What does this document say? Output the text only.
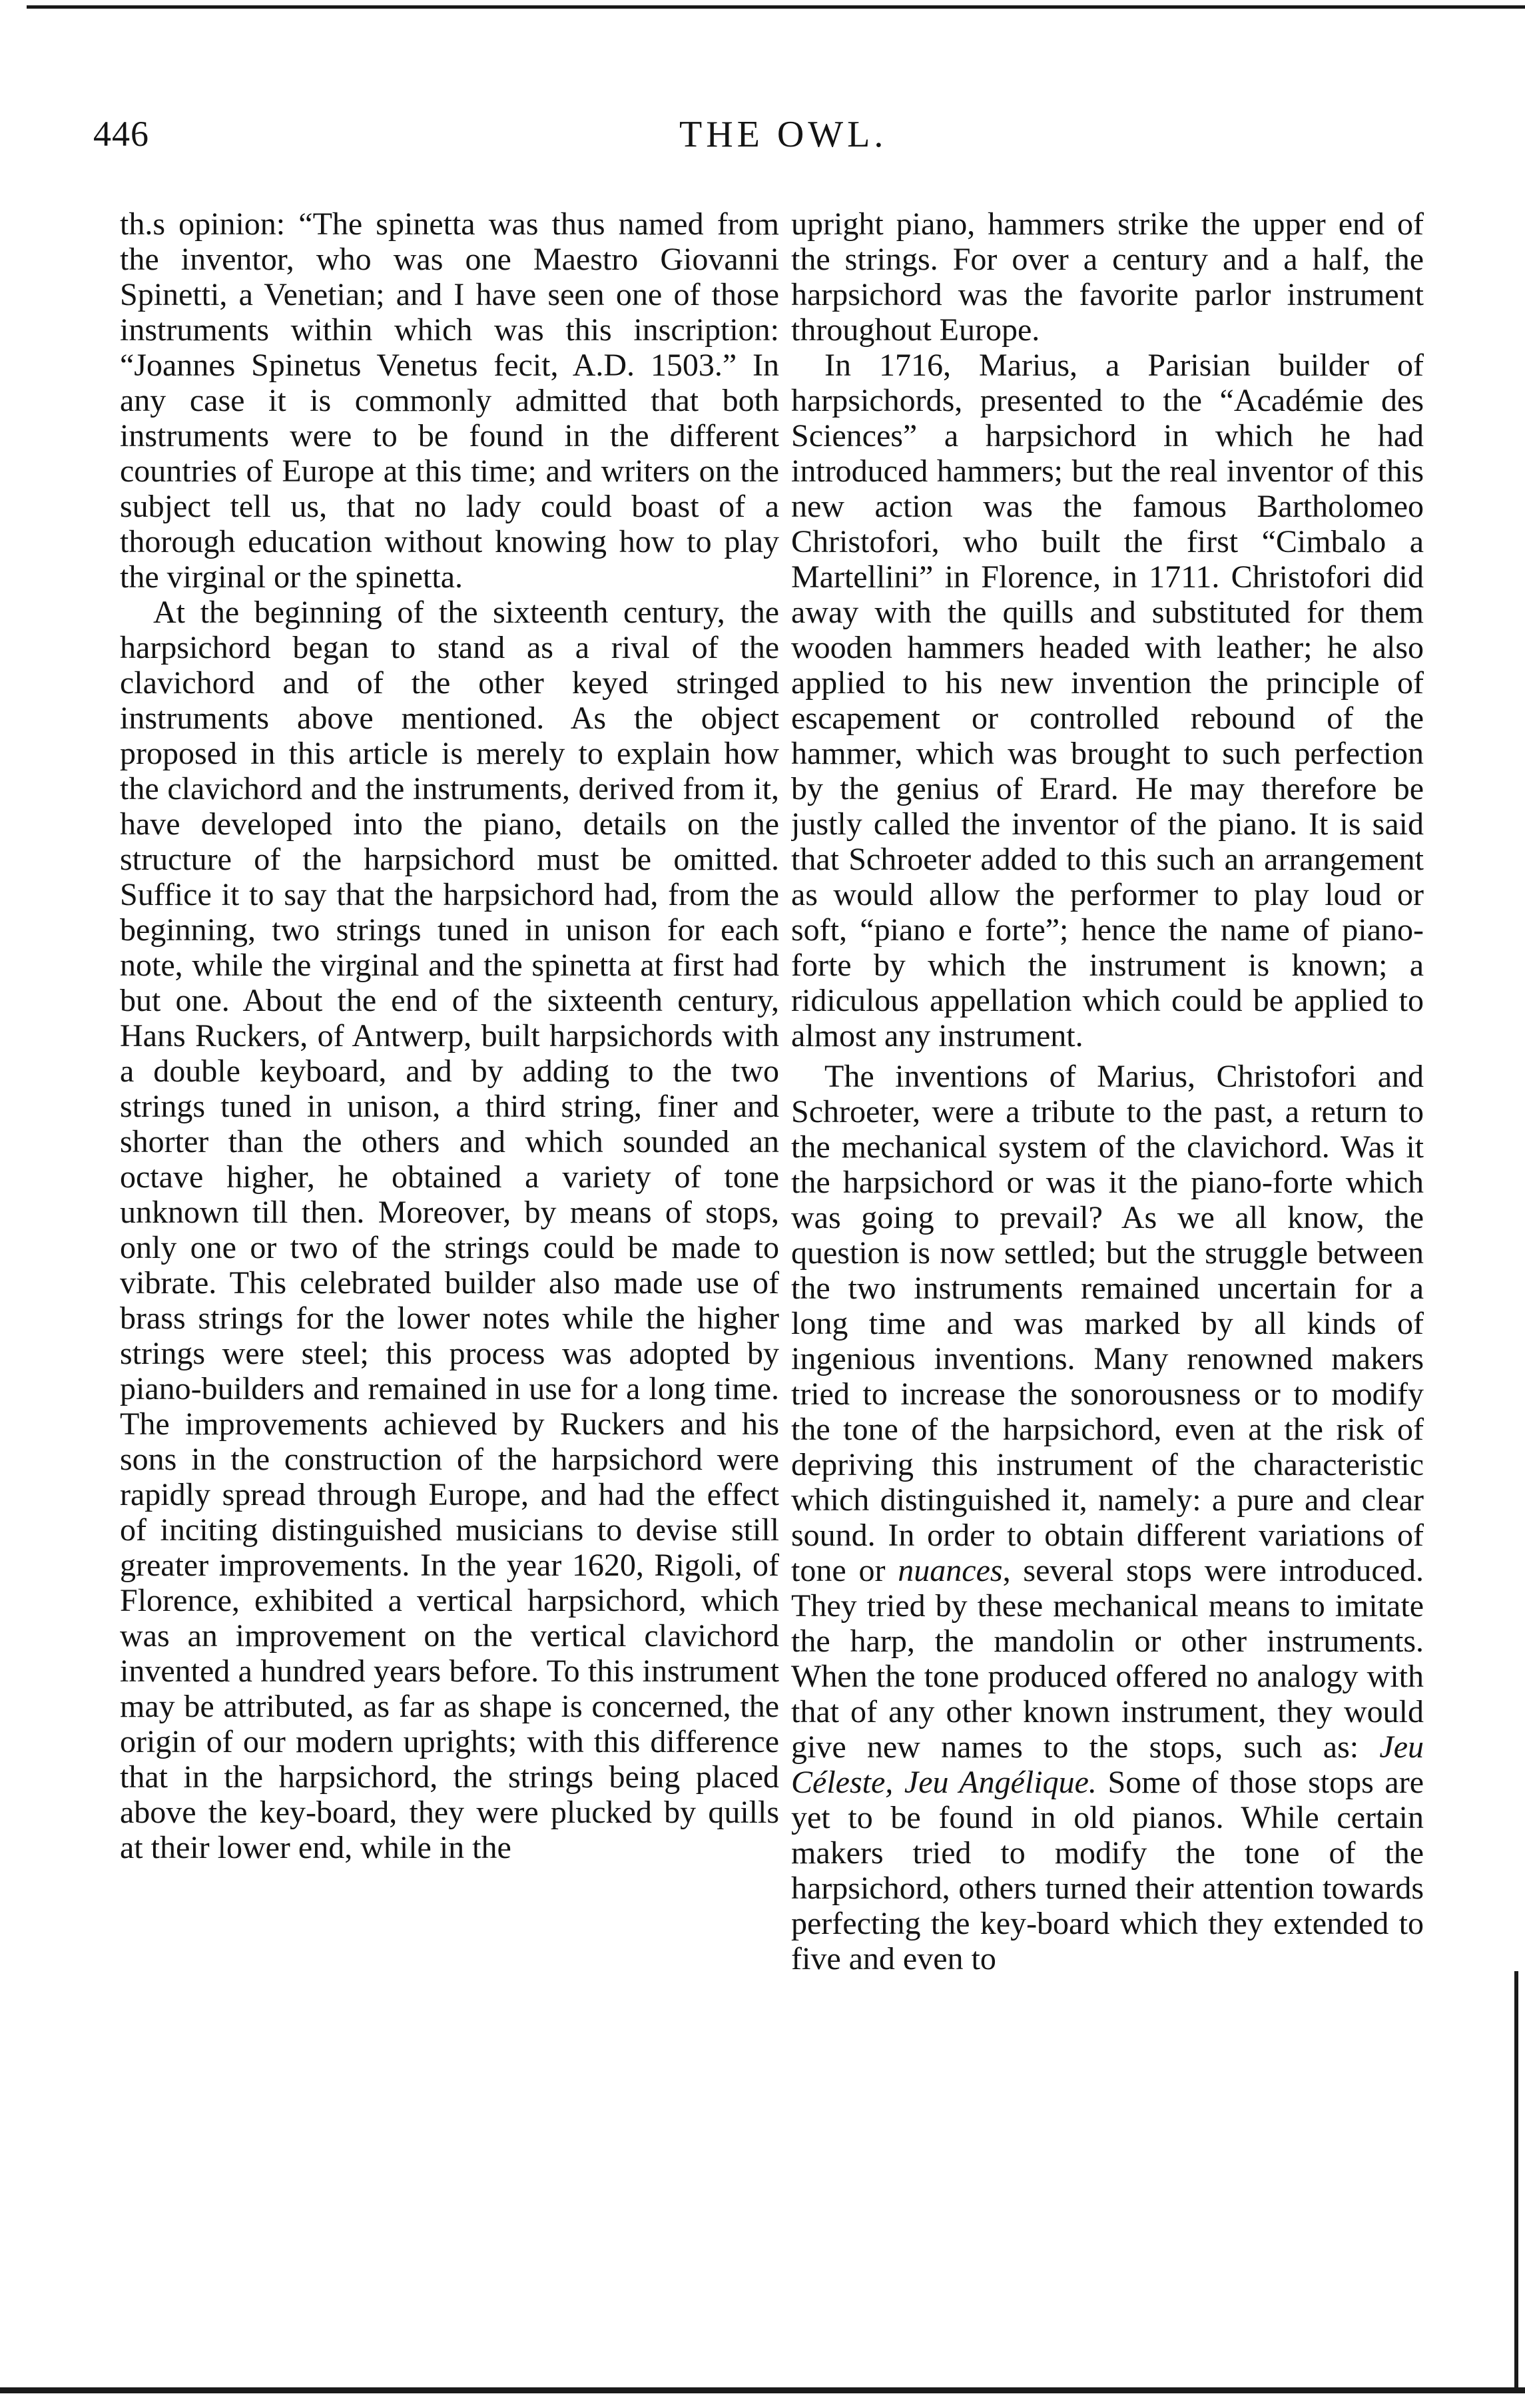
446	THE OWL.

th.s opinion: “The spinetta was thus named from the inventor, who was one Maestro Giovanni Spinetti, a Venetian; and I have seen one of those instruments within which was this inscription: “Joannes Spinetus Venetus fecit, A.D. 1503.” In any case it is commonly admitted that both instruments were to be found in the different countries of Europe at this time; and writers on the subject tell us, that no lady could boast of a thorough education without knowing how to play the virginal or the spinetta.

At the beginning of the sixteenth century, the harpsichord began to stand as a rival of the clavichord and of the other keyed stringed instruments above mentioned. As the object proposed in this article is merely to explain how the clavichord and the instruments, derived from it, have developed into the piano, details on the structure of the harpsichord must be omitted. Suffice it to say that the harpsichord had, from the beginning, two strings tuned in unison for each note, while the virginal and the spinetta at first had but one. About the end of the sixteenth century, Hans Ruckers, of Antwerp, built harpsichords with a double keyboard, and by adding to the two strings tuned in unison, a third string, finer and shorter than the others and which sounded an octave higher, he obtained a variety of tone unknown till then. Moreover, by means of stops, only one or two of the strings could be made to vibrate. This celebrated builder also made use of brass strings for the lower notes while the higher strings were steel; this process was adopted by piano-builders and remained in use for a long time. The improvements achieved by Ruckers and his sons in the construction of the harpsichord were rapidly spread through Europe, and had the effect of inciting distinguished musicians to devise still greater improvements. In the year 1620, Rigoli, of Florence, exhibited a vertical harpsichord, which was an improvement on the vertical clavichord invented a hundred years before. To this instrument may be attributed, as far as shape is concerned, the origin of our modern uprights; with this difference that in the harpsichord, the strings being placed above the key-board, they were plucked by quills at their lower end, while in the

upright piano, hammers strike the upper end of the strings. For over a century and a half, the harpsichord was the favorite parlor instrument throughout Europe.

In 1716, Marius, a Parisian builder of harpsichords, presented to the “Académie des Sciences” a harpsichord in which he had introduced hammers; but the real inventor of this new action was the famous Bartholomeo Christofori, who built the first “Cimbalo a Martellini” in Florence, in 1711. Christofori did away with the quills and substituted for them wooden hammers headed with leather; he also applied to his new invention the principle of escapement or controlled rebound of the hammer, which was brought to such perfection by the genius of Erard. He may therefore be justly called the inventor of the piano. It is said that Schroeter added to this such an arrangement as would allow the performer to play loud or soft, “piano e forte”; hence the name of piano-forte by which the instrument is known; a ridiculous appellation which could be applied to almost any instrument.

The inventions of Marius, Christofori and Schroeter, were a tribute to the past, a return to the mechanical system of the clavichord. Was it the harpsichord or was it the piano-forte which was going to prevail? As we all know, the question is now settled; but the struggle between the two instruments remained uncertain for a long time and was marked by all kinds of ingenious inventions. Many renowned makers tried to increase the sonorousness or to modify the tone of the harpsichord, even at the risk of depriving this instrument of the characteristic which distinguished it, namely: a pure and clear sound. In order to obtain different variations of tone or nuances, several stops were introduced. They tried by these mechanical means to imitate the harp, the mandolin or other instruments. When the tone produced offered no analogy with that of any other known instrument, they would give new names to the stops, such as: Jeu Céleste, Jeu Angélique. Some of those stops are yet to be found in old pianos. While certain makers tried to modify the tone of the harpsichord, others turned their attention towards perfecting the key-board which they extended to five and even to
